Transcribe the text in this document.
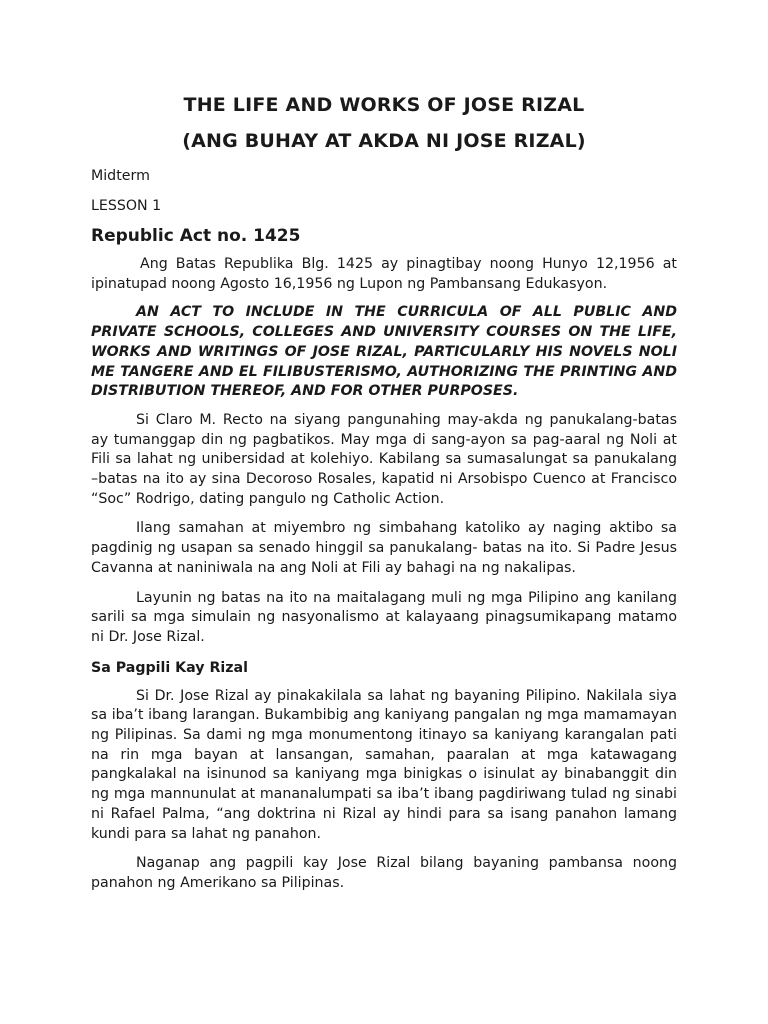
THE LIFE AND WORKS OF JOSE RIZAL
(ANG BUHAY AT AKDA NI JOSE RIZAL)

Midterm

LESSON 1

Republic Act no. 1425

Ang Batas Republika Blg. 1425 ay pinagtibay noong Hunyo 12,1956 at ipinatupad noong Agosto 16,1956 ng Lupon ng Pambansang Edukasyon.

AN ACT TO INCLUDE IN THE CURRICULA OF ALL PUBLIC AND PRIVATE SCHOOLS, COLLEGES AND UNIVERSITY COURSES ON THE LIFE, WORKS AND WRITINGS OF JOSE RIZAL, PARTICULARLY HIS NOVELS NOLI ME TANGERE AND EL FILIBUSTERISMO, AUTHORIZING THE PRINTING AND DISTRIBUTION THEREOF, AND FOR OTHER PURPOSES.

Si Claro M. Recto na siyang pangunahing may-akda ng panukalang-batas ay tumanggap din ng pagbatikos. May mga di sang-ayon sa pag-aaral ng Noli at Fili sa lahat ng unibersidad at kolehiyo. Kabilang sa sumasalungat sa panukalang –batas na ito ay sina Decoroso Rosales, kapatid ni Arsobispo Cuenco at Francisco “Soc” Rodrigo, dating pangulo ng Catholic Action.

Ilang samahan at miyembro ng simbahang katoliko ay naging aktibo sa pagdinig ng usapan sa senado hinggil sa panukalang- batas na ito. Si Padre Jesus Cavanna at naniniwala na ang Noli at Fili ay bahagi na ng nakalipas.

Layunin ng batas na ito na maitalagang muli ng mga Pilipino ang kanilang sarili sa mga simulain ng nasyonalismo at kalayaang pinagsumikapang matamo ni Dr. Jose Rizal.

Sa Pagpili Kay Rizal

Si Dr. Jose Rizal ay pinakakilala sa lahat ng bayaning Pilipino. Nakilala siya sa iba’t ibang larangan. Bukambibig ang kaniyang pangalan ng mga mamamayan ng Pilipinas. Sa dami ng mga monumentong itinayo sa kaniyang karangalan pati na rin mga bayan at lansangan, samahan, paaralan at mga katawagang pangkalakal na isinunod sa kaniyang mga binigkas o isinulat ay binabanggit din ng mga mannunulat at mananalumpati sa iba’t ibang pagdiriwang tulad ng sinabi ni Rafael Palma, “ang doktrina ni Rizal ay hindi para sa isang panahon lamang kundi para sa lahat ng panahon.

Naganap ang pagpili kay Jose Rizal bilang bayaning pambansa noong panahon ng Amerikano sa Pilipinas.
